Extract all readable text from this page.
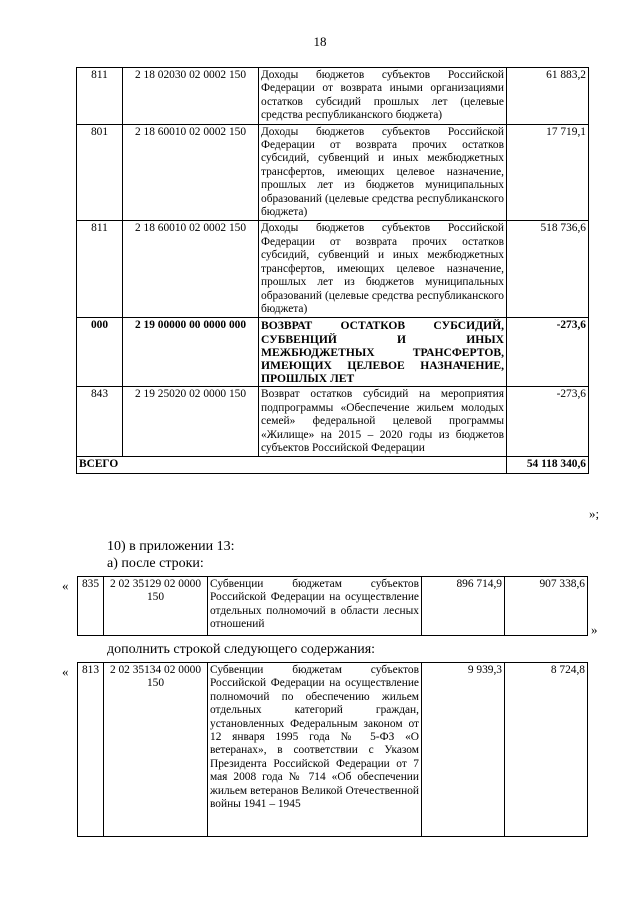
18
811	2 18 02030 02 0002 150	Доходы бюджетов субъектов Российской Федерации от возврата иными организациями остатков субсидий прошлых лет (целевые средства республиканского бюджета)	61 883,2
801	2 18 60010 02 0002 150	Доходы бюджетов субъектов Российской Федерации от возврата прочих остатков субсидий, субвенций и иных межбюджетных трансфертов, имеющих целевое назначение, прошлых лет из бюджетов муниципальных образований (целевые средства республиканского бюджета)	17 719,1
811	2 18 60010 02 0002 150	Доходы бюджетов субъектов Российской Федерации от возврата прочих остатков субсидий, субвенций и иных межбюджетных трансфертов, имеющих целевое назначение, прошлых лет из бюджетов муниципальных образований (целевые средства республиканского бюджета)	518 736,6
000	2 19 00000 00 0000 000	ВОЗВРАТ ОСТАТКОВ СУБСИДИЙ, СУБВЕНЦИЙ И ИНЫХ МЕЖБЮДЖЕТНЫХ ТРАНСФЕРТОВ, ИМЕЮЩИХ ЦЕЛЕВОЕ НАЗНАЧЕНИЕ, ПРОШЛЫХ ЛЕТ	-273,6
843	2 19 25020 02 0000 150	Возврат остатков субсидий на мероприятия подпрограммы «Обеспечение жильем молодых семей» федеральной целевой программы «Жилище» на 2015 – 2020 годы из бюджетов субъектов Российской Федерации	-273,6
ВСЕГО			54 118 340,6
»;
10) в приложении 13:
а) после строки:
« 835	2 02 35129 02 0000 150	Субвенции бюджетам субъектов Российской Федерации на осуществление отдельных полномочий в области лесных отношений	896 714,9	907 338,6
»
дополнить строкой следующего содержания:
« 813	2 02 35134 02 0000 150	Субвенции бюджетам субъектов Российской Федерации на осуществление полномочий по обеспечению жильем отдельных категорий граждан, установленных Федеральным законом от 12 января 1995 года № 5-ФЗ «О ветеранах», в соответствии с Указом Президента Российской Федерации от 7 мая 2008 года № 714 «Об обеспечении жильем ветеранов Великой Отечественной войны 1941 – 1945	9 939,3	8 724,8
